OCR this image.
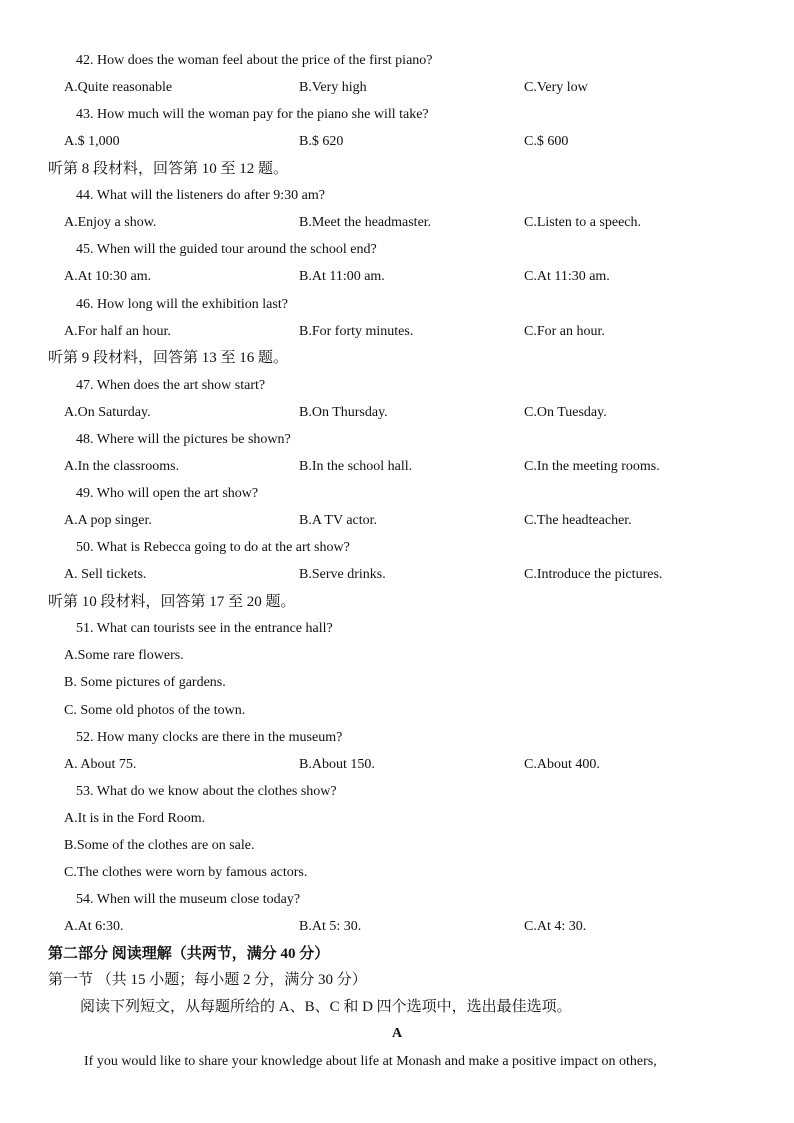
42. How does the woman feel about the price of the first piano?
A.Quite reasonable	B.Very high	C.Very low
43. How much will the woman pay for the piano she will take?
A.$ 1,000	B.$ 620	C.$ 600
听第 8 段材料，回答第 10 至 12 题。
44. What will the listeners do after 9:30 am?
A.Enjoy a show.	B.Meet the headmaster.	C.Listen to a speech.
45. When will the guided tour around the school end?
A.At 10:30 am.	B.At 11:00 am.	C.At 11:30 am.
46. How long will the exhibition last?
A.For half an hour.	B.For forty minutes.	C.For an hour.
听第 9 段材料，回答第 13 至 16 题。
47. When does the art show start?
A.On Saturday.	B.On Thursday.	C.On Tuesday.
48. Where will the pictures be shown?
A.In the classrooms.	B.In the school hall.	C.In the meeting rooms.
49. Who will open the art show?
A.A pop singer.	B.A TV actor.	C.The headteacher.
50. What is Rebecca going to do at the art show?
A. Sell tickets.	B.Serve drinks.	C.Introduce the pictures.
听第 10 段材料，回答第 17 至 20 题。
51. What can tourists see in the entrance hall?
A.Some rare flowers.
B. Some pictures of gardens.
C. Some old photos of the town.
52. How many clocks are there in the museum?
A. About 75.	B.About 150.	C.About 400.
53. What do we know about the clothes show?
A.It is in the Ford Room.
B.Some of the clothes are on sale.
C.The clothes were worn by famous actors.
54. When will the museum close today?
A.At 6:30.	B.At 5: 30.	C.At 4: 30.
第二部分 阅读理解（共两节，满分 40 分）
第一节 （共 15 小题；每小题 2 分，满分 30 分）
阅读下列短文，从每题所给的 A、B、C 和 D 四个选项中，选出最佳选项。
A
If you would like to share your knowledge about life at Monash and make a positive impact on others,
